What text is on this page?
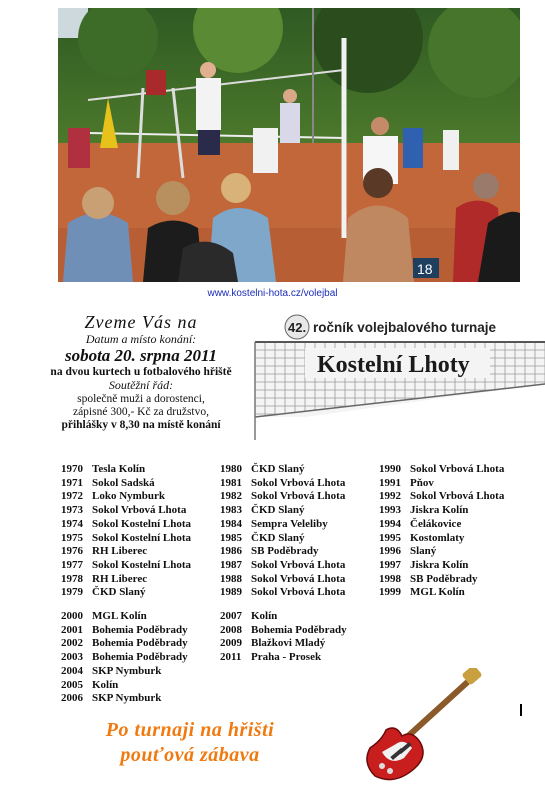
18
www.kostelni-hota.cz/volejbal
Zveme Vás na
Datum a místo konání:
sobota 20. srpna 2011
na dvou kurtech u fotbalového hřiště
Soutěžní řád:
společně muži a dorostenci,
zápisné 300,- Kč za družstvo,
přihlášky v 8,30 na místě konání
42. ročník volejbalového turnaje
Kostelní Lhoty
1970 Tesla Kolín
1971 Sokol Sadská
1972 Loko Nymburk
1973 Sokol Vrbová Lhota
1974 Sokol Kostelní Lhota
1975 Sokol Kostelní Lhota
1976 RH Liberec
1977 Sokol Kostelní Lhota
1978 RH Liberec
1979 ČKD Slaný
1980 ČKD Slaný
1981 Sokol Vrbová Lhota
1982 Sokol Vrbová Lhota
1983 ČKD Slaný
1984 Sempra Veleliby
1985 ČKD Slaný
1986 SB Poděbrady
1987 Sokol Vrbová Lhota
1988 Sokol Vrbová Lhota
1989 Sokol Vrbová Lhota
1990 Sokol Vrbová Lhota
1991 Pňov
1992 Sokol Vrbová Lhota
1993 Jiskra Kolín
1994 Čelákovice
1995 Kostomlaty
1996 Slaný
1997 Jiskra Kolín
1998 SB Poděbrady
1999 MGL Kolín
2000 MGL Kolín
2001 Bohemia Poděbrady
2002 Bohemia Poděbrady
2003 Bohemia Poděbrady
2004 SKP Nymburk
2005 Kolín
2006 SKP Nymburk
2007 Kolín
2008 Bohemia Poděbrady
2009 Blažkovi Mladý
2011 Praha - Prosek
Po turnaji na hřišti
pouťová zábava
